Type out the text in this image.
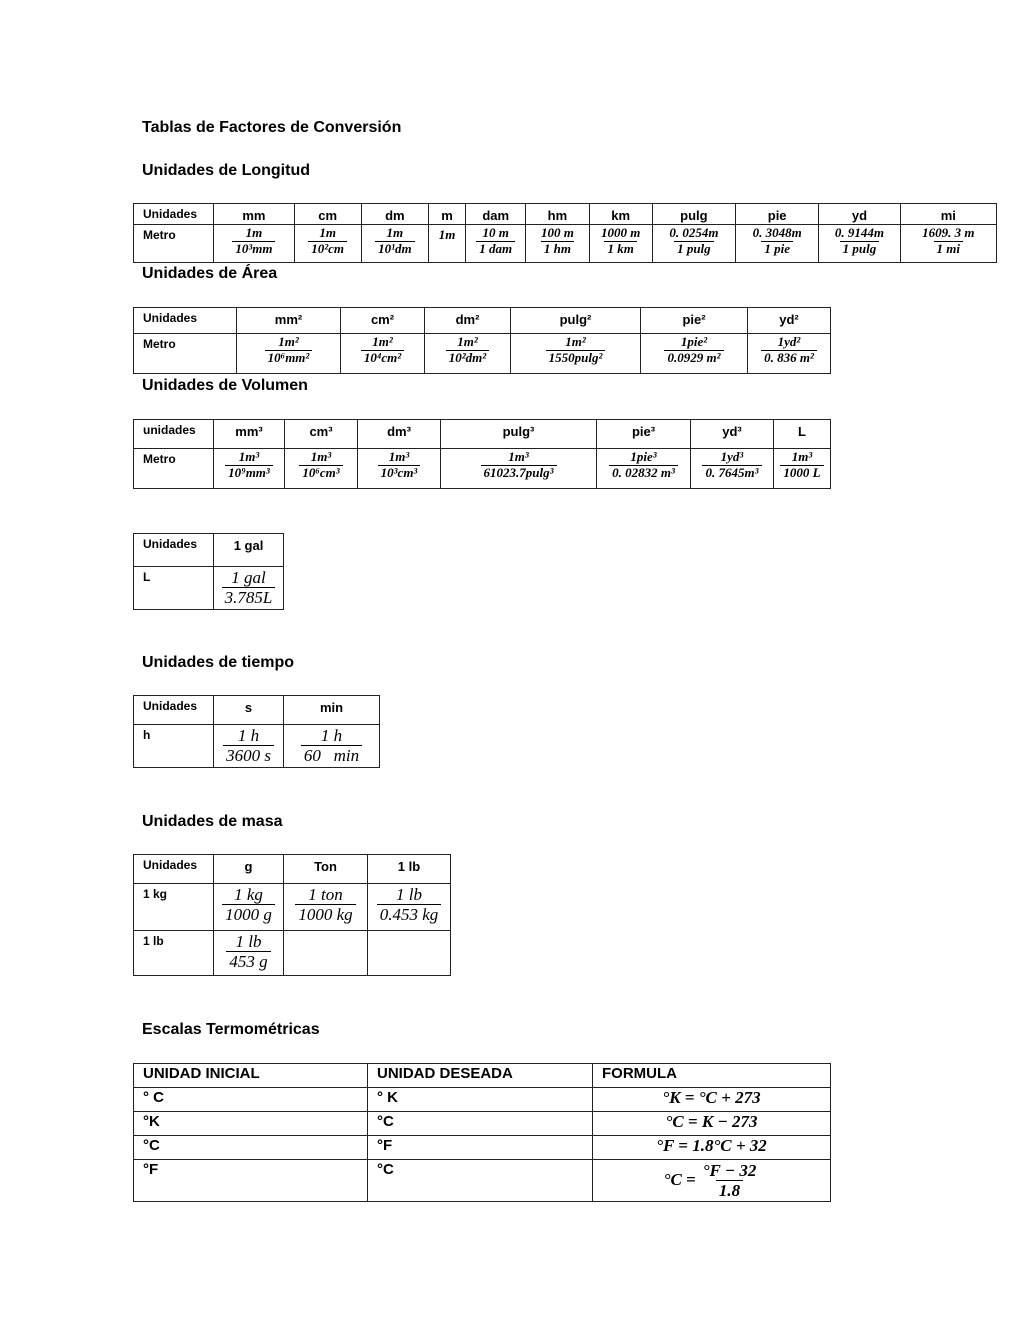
Tablas de Factores de Conversión
Unidades de Longitud
Unidades	mm	cm	dm	m	dam	hm	km	pulg	pie	yd	mi
Metro	$\frac{1m}{\text{10³mm}}$	$\frac{1m}{\text{10²cm}}$	$\frac{1m}{\text{10¹dm}}$	1m	$\frac{10 m}{\text{1 dam}}$	$\frac{100 m}{1 hm}$	$\frac{1000 m}{1 km}$	$\frac{0. 0254m}{1 pulg}$	$\frac{0. 3048m}{\text{1 pie}}$	$\frac{0. 9144m}{1 pulg}$	$\frac{1609. 3 m}{1 mi}$
Unidades de Área
Unidades	mm²	cm²	dm²	pulg²	pie²	yd²
Metro	$\frac{\text{1m²}}{\text{10⁶mm²}}$	$\frac{\text{1m²}}{\text{10⁴cm²}}$	$\frac{\text{1m²}}{\text{10²dm²}}$	$\frac{\text{1m²}}{\text{1550pulg²}}$	$\frac{\text{1pie²}}{\text{0.0929 m²}}$	$\frac{\text{1yd²}}{\text{0. 836 m²}}$
Unidades de Volumen
unidades	mm³	cm³	dm³	pulg³	pie³	yd³	L
Metro	$\frac{\text{1m³}}{\text{10⁹mm³}}$	$\frac{\text{1m³}}{\text{10⁶cm³}}$	$\frac{\text{1m³}}{\text{10³cm³}}$	$\frac{\text{1m³}}{\text{61023.7pulg³}}$	$\frac{\text{1pie³}}{\text{0. 02832 m³}}$	$\frac{\text{1yd³}}{\text{0. 7645m³}}$	$\frac{\text{1m³}}{1000 L}$
Unidades	1 gal
L	$\frac{\text{1 gal}}{3.785L}$
Unidades de tiempo
Unidades	s	min
h	$\frac{1 h}{3600 s}$	$\frac{1 h}{60 \min}$
Unidades de masa
Unidades	g	Ton	1 lb
1 kg	$\frac{1 kg}{1000 g}$	$\frac{\text{1 ton}}{1000 kg}$	$\frac{1 lb}{0.453 kg}$

1 lb	$\frac{1 lb}{453 g}$

Escalas Termométricas
UNIDAD INICIAL	UNIDAD DESEADA	FORMULA
° C	° K	°K = °C + 273
°K	°C	°C = K − 273
°C	°F	°F = 1.8°C + 32
°F	°C	$^\circ C = \frac{^\circ F - 32}{1.8}$
